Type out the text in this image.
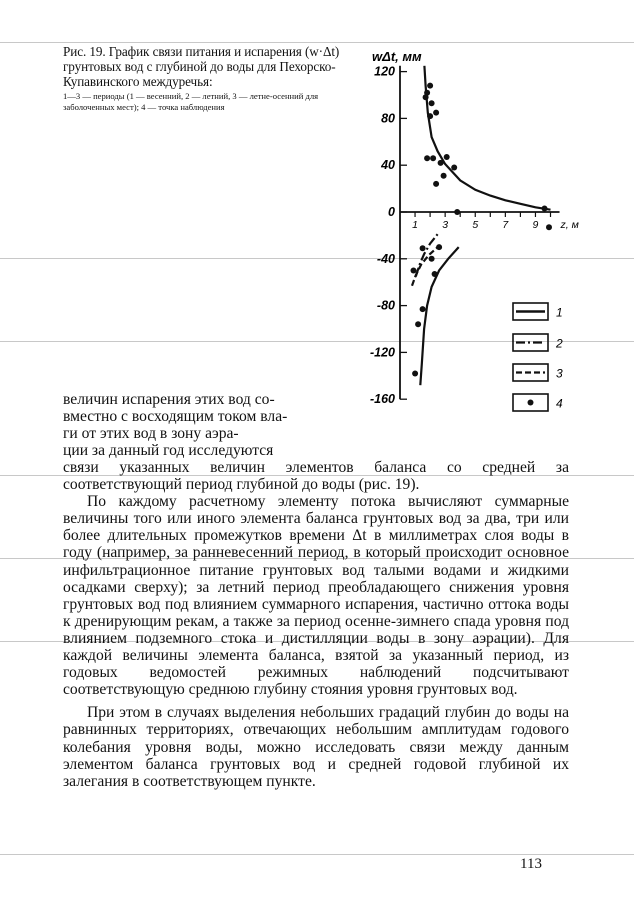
Рис. 19. График связи питания и испарения (w·Δt) грунтовых вод с глубиной до воды для Пехорско-Купавинского междуречья:
1—3 — периоды (1 — весенний, 2 — летний, 3 — летне-осенний для заболоченных мест); 4 — точка наблюдения
120
80
40
0
-40
-80
-120
-160
1 3 5 7 9
wΔt, мм
z, м
1
2
3
4

величин испарения этих вод со-

вместно с восходящим током вла-

ги от этих вод в зону аэра-

ции за данный год исследуются

связи указанных величин элементов баланса со средней за соответствующий период глубиной до воды (рис. 19).

По каждому расчетному элементу потока вычисляют суммарные величины того или иного элемента баланса грунтовых вод за два, три или более длительных промежутков времени Δt в миллиметрах слоя воды в году (например, за ранневесенний период, в который происходит основное инфильтрационное питание грунтовых вод талыми водами и жидкими осадками сверху); за летний период преобладающего снижения уровня грунтовых вод под влиянием суммарного испарения, частично оттока воды к дренирующим рекам, а также за период осенне-зимнего спада уровня под влиянием подземного стока и дистилляции воды в зону аэрации). Для каждой величины элемента баланса, взятой за указанный период, из годовых ведомостей режимных наблюдений подсчитывают соответствующую среднюю глубину стояния уровня грунтовых вод.

При этом в случаях выделения небольших градаций глубин до воды на равнинных территориях, отвечающих небольшим амплитудам годового колебания уровня воды, можно исследовать связи между данным элементом баланса грунтовых вод и средней годовой глубиной их залегания в соответствующем пункте.

113
